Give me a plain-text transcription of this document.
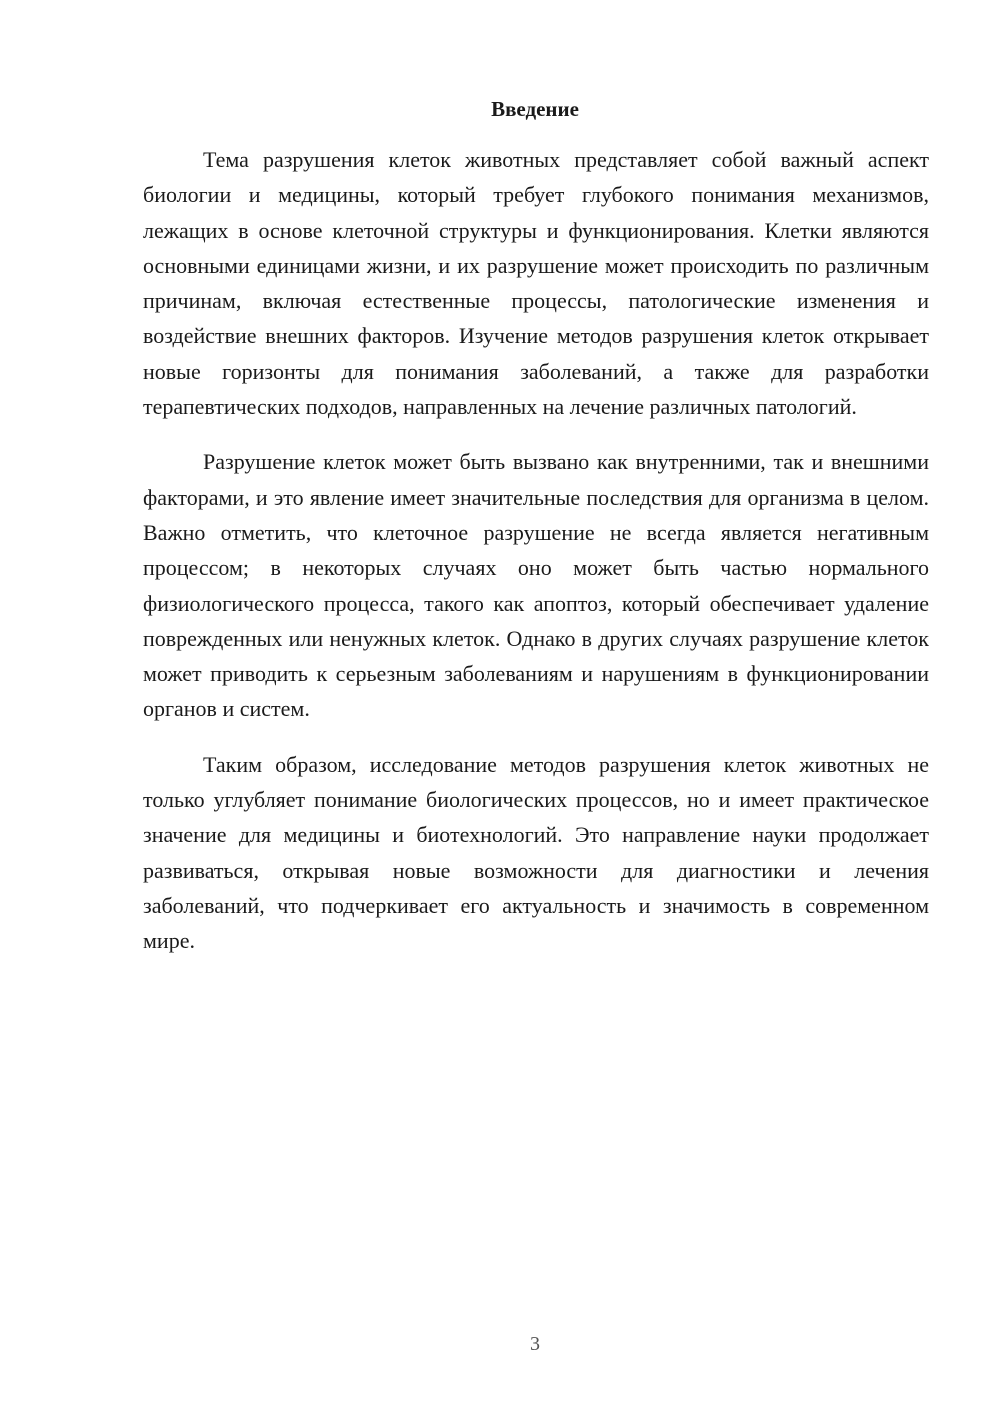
Введение

Тема разрушения клеток животных представляет собой важный аспект биологии и медицины, который требует глубокого понимания механизмов, лежащих в основе клеточной структуры и функционирования. Клетки являются основными единицами жизни, и их разрушение может происходить по различным причинам, включая естественные процессы, патологические изменения и воздействие внешних факторов. Изучение методов разрушения клеток открывает новые горизонты для понимания заболеваний, а также для разработки терапевтических подходов, направленных на лечение различных патологий.

Разрушение клеток может быть вызвано как внутренними, так и внешними факторами, и это явление имеет значительные последствия для организма в целом. Важно отметить, что клеточное разрушение не всегда является негативным процессом; в некоторых случаях оно может быть частью нормального физиологического процесса, такого как апоптоз, который обеспечивает удаление поврежденных или ненужных клеток. Однако в других случаях разрушение клеток может приводить к серьезным заболеваниям и нарушениям в функционировании органов и систем.

Таким образом, исследование методов разрушения клеток животных не только углубляет понимание биологических процессов, но и имеет практическое значение для медицины и биотехнологий. Это направление науки продолжает развиваться, открывая новые возможности для диагностики и лечения заболеваний, что подчеркивает его актуальность и значимость в современном мире.

3
